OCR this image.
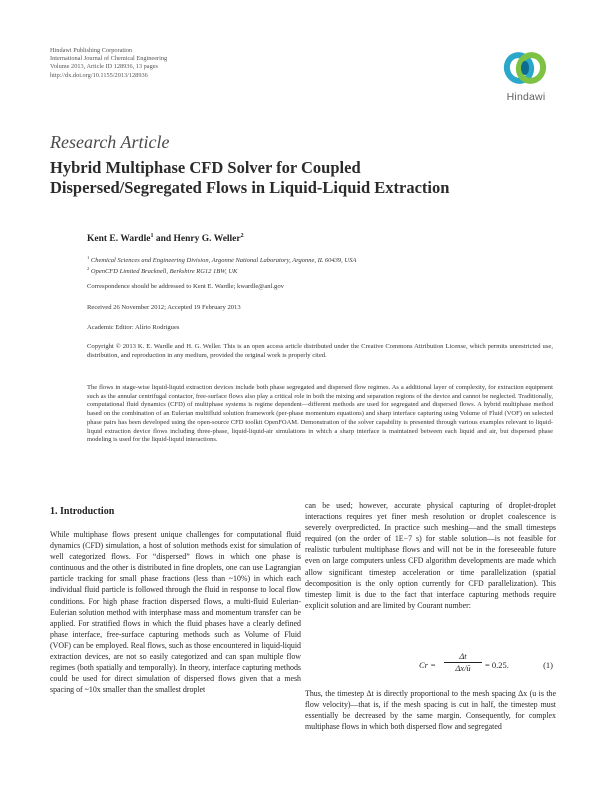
Hindawi Publishing Corporation
International Journal of Chemical Engineering
Volume 2013, Article ID 128936, 13 pages
http://dx.doi.org/10.1155/2013/128936
Hindawi
Research Article
Hybrid Multiphase CFD Solver for Coupled
Dispersed/Segregated Flows in Liquid-Liquid Extraction
Kent E. Wardle$^1$ and Henry G. Weller$^2$
$^1$ Chemical Sciences and Engineering Division, Argonne National Laboratory, Argonne, IL 60439, USA
$^2$ OpenCFD Limited Bracknell, Berkshire RG12 1BW, UK
Correspondence should be addressed to Kent E. Wardle; kwardle@anl.gov
Received 26 November 2012; Accepted 19 February 2013
Academic Editor: Alírio Rodrigues
Copyright © 2013 K. E. Wardle and H. G. Weller. This is an open access article distributed under the Creative Commons Attribution License, which permits unrestricted use, distribution, and reproduction in any medium, provided the original work is properly cited.
The flows in stage-wise liquid-liquid extraction devices include both phase segregated and dispersed flow regimes. As a additional layer of complexity, for extraction equipment such as the annular centrifugal contactor, free-surface flows also play a critical role in both the mixing and separation regions of the device and cannot be neglected. Traditionally, computational fluid dynamics (CFD) of multiphase systems is regime dependent—different methods are used for segregated and dispersed flows. A hybrid multiphase method based on the combination of an Eulerian multifluid solution framework (per-phase momentum equations) and sharp interface capturing using Volume of Fluid (VOF) on selected phase pairs has been developed using the open-source CFD toolkit OpenFOAM. Demonstration of the solver capability is presented through various examples relevant to liquid-liquid extraction device flows including three-phase, liquid-liquid-air simulations in which a sharp interface is maintained between each liquid and air, but dispersed phase modeling is used for the liquid-liquid interactions.
1. Introduction
While multiphase flows present unique challenges for computational fluid dynamics (CFD) simulation, a host of solution methods exist for simulation of well categorized flows. For “dispersed” flows in which one phase is continuous and the other is distributed in fine droplets, one can use Lagrangian particle tracking for small phase fractions (less than ~10%) in which each individual fluid particle is followed through the fluid in response to local flow conditions. For high phase fraction dispersed flows, a multi-fluid Eulerian-Eulerian solution method with interphase mass and momentum transfer can be applied. For stratified flows in which the fluid phases have a clearly defined phase interface, free-surface capturing methods such as Volume of Fluid (VOF) can be employed. Real flows, such as those encountered in liquid-liquid extraction devices, are not so easily categorized and can span multiple flow regimes (both spatially and temporally). In theory, interface capturing methods could be used for direct simulation of dispersed flows given that a mesh spacing of ~10x smaller than the smallest droplet
can be used; however, accurate physical capturing of droplet-droplet interactions requires yet finer mesh resolution or droplet coalescence is severely overpredicted. In practice such meshing—and the small timesteps required (on the order of 1E−7 s) for stable solution—is not feasible for realistic turbulent multiphase flows and will not be in the foreseeable future even on large computers unless CFD algorithm developments are made which allow significant timestep acceleration or time parallelization (spatial decomposition is the only option currently for CFD parallelization). This timestep limit is due to the fact that interface capturing methods require explicit solution and are limited by Courant number:
$Cr = \frac{\Delta t}{\Delta x/ū} = 0.25$.	(1)
Thus, the timestep Δt is directly proportional to the mesh spacing Δx (u is the flow velocity)—that is, if the mesh spacing is cut in half, the timestep must essentially be decreased by the same margin. Consequently, for complex multiphase flows in which both dispersed flow and segregated
